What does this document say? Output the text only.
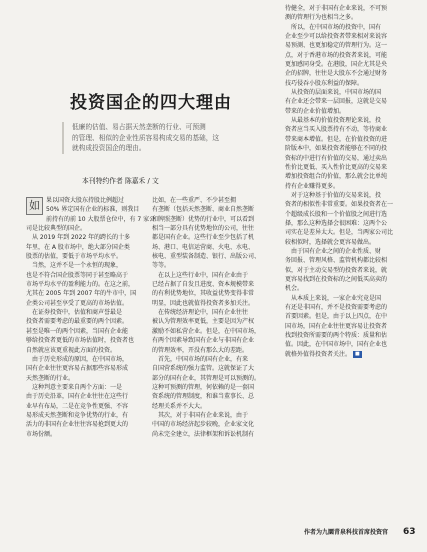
投资国企的四大理由
低廉的估值、易占据天然垄断的行业、可预测
的管理、相似的企业性质容易构成交易的基础，这
就构成投资国企的理由。
本刊特约作者 陈嘉禾 / 文
如	果以国资大股东持股比例超过

50% 界定国有企业的标准，则我目

前持有的前 10 大股票仓位中，有 7 家公

司是比较典型的国企。

　从 2019 年到 2022 年的跨长的十多

年里，在 A 股市场中，绝大部分国企类

股票的估值，要低于市场平均水平。

　当然，这并不是一个永恒的现象，

也是不符合国企股票等同于甚至略高于

市场平均水平的盈利能力的。在这之前，

尤其在 2005 年到 2007 年的牛市中，国

企类公司甚至享受了更高的市场估值。

　在证券投资中，估值和商声誉最是

投资者需要考虑的最重要的两个因素。

甚至是唯一的两个因素，当国有企业能

够给投资者更低的市场估值时，投资者也

自然就应该更重视此方面的投资。

　由于历史形成的原因，在中国市场，

国有企业往往更容易占据那些容易形成

天然垄断的行业。

　这种判意主要来自两个方面：一是

由于历史沿革，国有企业往往在这些行

业早有布局，二是在竞争性更强、不容

易形成天然垄断和竞争优势的行业，有

活力的非国有企业往往容易抢到更大的

市场份额。

比如，在一些重严、不少甚至拥

有垄断（包括天然垄断、商业自然垄断

和牌照垄断）优势的行业中，可以看到

相当一部分具有优势地位的公司，往往

都是国有企业。这些行业至少包括了机

场、港口、电信运营商、火电、水电、

核电、重型装备制造、银行、出版公司、

等等。

　在以上这些行业中，国有企业由于

已经占据了自发且进度、资本规模带来

的有利优势地位，其收益优势变得非常

明显，因此也就值得投资者多加关注。

　在传统经济理论中，国有企业往往

被认为管理效率更低，主要是因为产权

激励不如私营企业。但是，在中国市场，

有两个因素导致国有企业与非国有企业

的管理效率，开没有那么大的差距。

　首先，中国市场的国有企业，有来

自国营系统的强力监管。这就保证了大

部分的国有企业，其管理是可以预测的。

这种可预测的管理，何依赖的是一套国

资系统的管理制度，和谁当董事长、总

经理关系并不大大。

　其次，对于非国有企业来说，由于

中国的市场经济起步较晚，企业家文化

尚未完全建立，法律框架和诉讼机制有

待健全，对于非国有企业来说，不可预

测的管理行为也相当之多。

　所以，在中国市场的投资中，国有

企业至少可以给投资者带来相对来说容

易预測、也更加稳定的管理行为。这一

点，对于香港市场的投资者来说，可能

更加感同身受。在港股，国企尤其是央

企的招牌，往往是大股东不会通过财务

技巧侵吞小股东利益的保障。

　从投资的层面来说，中国市场的国

有企业还会带来一层回报，这就是交易

带来的企业价值增加。

　从最基本的价值投资理论来说，投

资者应当买入股票持有不动，等待商业

带来商本增值。但是，在价值投资的进

阶版本中，如果投资者能够在不同的投

资标的中进行有价值的交易，通过卖出

性价比更低、买入性价比更高的交易来

增加投资组合的价值，那么就会比单纯

持有企业赚得更多。

　对于这种基于价值的交易来说，投

资者的相似性非常重要。如果投资者在一

个超级成长股和一个价值股之间进行选

择，那么这种选择会很困难：这两个公

司实在是差异太大。但是，当两家公司比

较相似时，选择就会更容易做出。

　由于国有企业之间的企业性质、财

务回报、管理风格、监管机构都比较相

似，对于主动交易型的投资者来说，就

更容易找到在投资标的之间低买高卖的

机会。

　从本质上来说，一家企业究竟是国

有还是非国有，并不是投资需要考虑的

首要因素。但是，由于以上四点，在中

国市场，国有企业往往更容易让投资者

找到投资所需要的两个特质：质量和估

值。因此，在中国市场中，国有企业也

就格外值得投资者关注。 ■

作者为九圜青泉科技首席投资官 63
